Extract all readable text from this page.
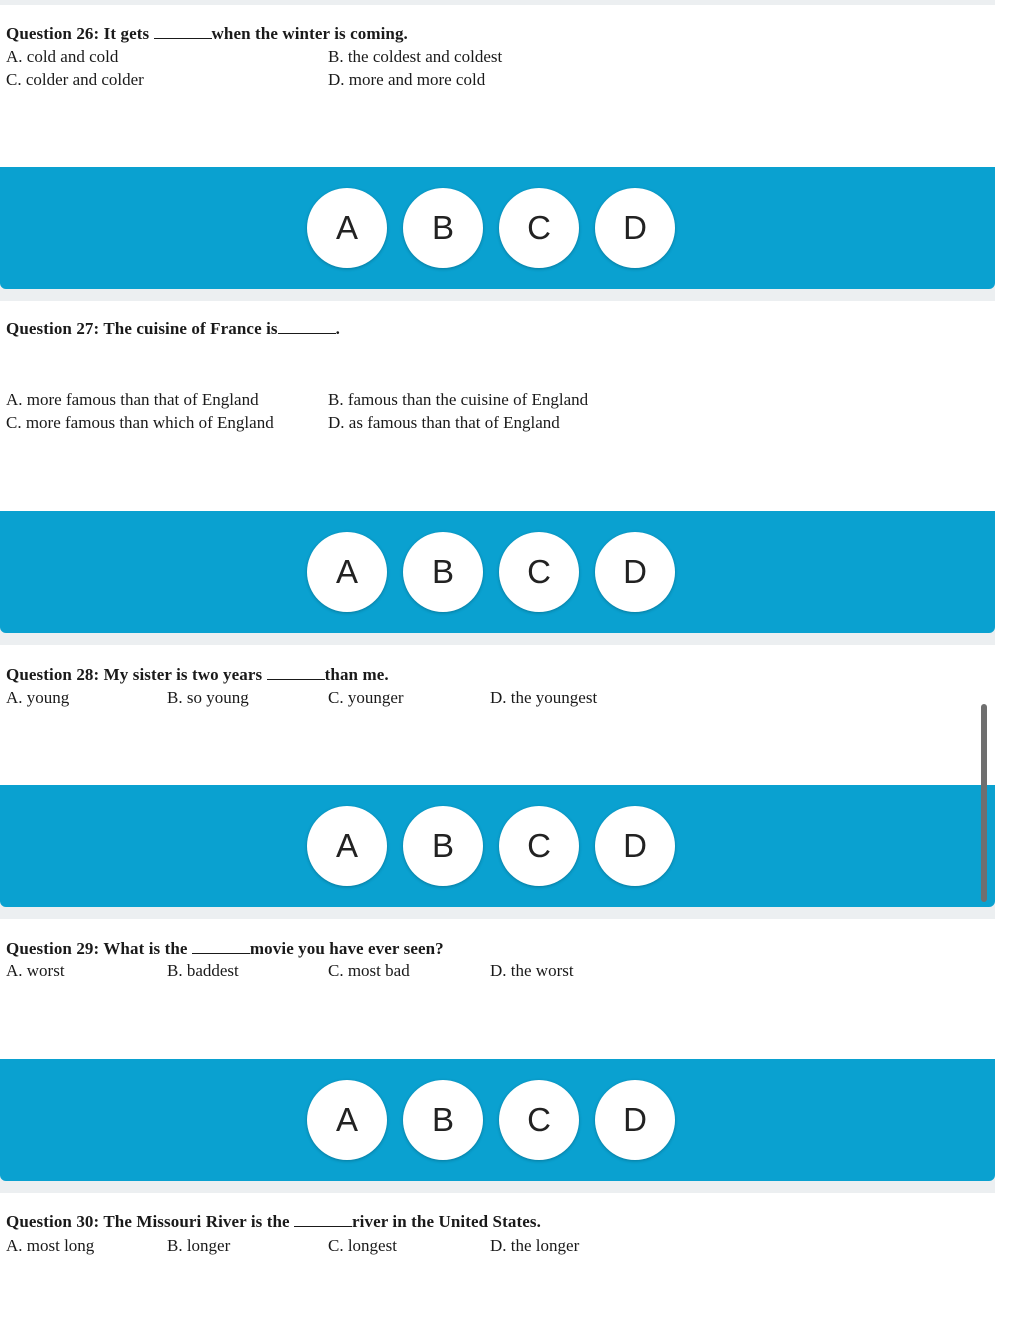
Question 26: It gets	when the winter is coming.
A. cold and cold	B. the coldest and coldest
C. colder and colder	D. more and more cold
A	B	C	D
Question 27: The cuisine of France is	.
A. more famous than that of England	B. famous than the cuisine of England
C. more famous than which of England	D. as famous than that of England
A	B	C	D
Question 28: My sister is two years	than me.
A. young	B. so young	C. younger	D. the youngest
A	B	C	D
Question 29: What is the	movie you have ever seen?
A. worst	B. baddest	C. most bad	D. the worst
A	B	C	D
Question 30: The Missouri River is the	river in the United States.
A. most long	B. longer	C. longest	D. the longer
